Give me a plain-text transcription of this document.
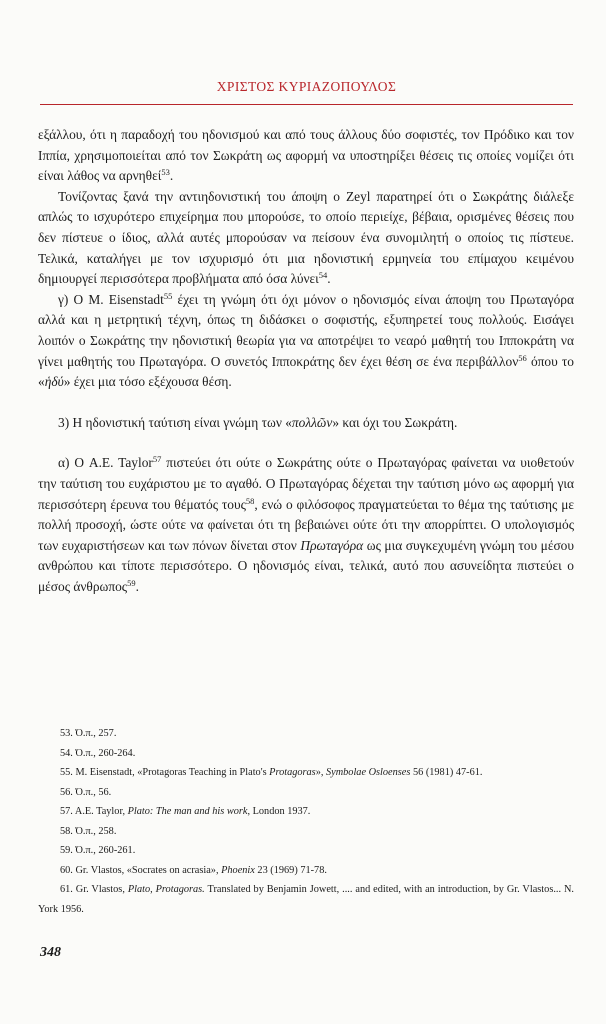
ΧΡΙΣΤΟΣ ΚΥΡΙΑΖΟΠΟΥΛΟΣ

εξάλλου, ότι η παραδοχή του ηδονισμού και από τους άλλους δύο σοφιστές, τον Πρόδικο και τον Ιππία, χρησιμοποιείται από τον Σωκράτη ως αφορμή να υποστηρίξει θέσεις τις οποίες νομίζει ότι είναι λάθος να αρνηθεί$^{53}$.

Τονίζοντας ξανά την αντιηδονιστική του άποψη ο Zeyl παρατηρεί ότι ο Σωκράτης διάλεξε απλώς το ισχυρότερο επιχείρημα που μπορούσε, το οποίο περιείχε, βέβαια, ορισμένες θέσεις που δεν πίστευε ο ίδιος, αλλά αυτές μπορούσαν να πείσουν ένα συνομιλητή ο οποίος τις πίστευε. Τελικά, καταλήγει με τον ισχυρισμό ότι μια ηδονιστική ερμηνεία του επίμαχου κειμένου δημιουργεί περισσότερα προβλήματα από όσα λύνει$^{54}$.

γ) Ο Μ. Eisenstadt$^{55}$ έχει τη γνώμη ότι όχι μόνον ο ηδονισμός είναι άποψη του Πρωταγόρα αλλά και η μετρητική τέχνη, όπως τη διδάσκει ο σοφιστής, εξυπηρετεί τους πολλούς. Εισάγει λοιπόν ο Σωκράτης την ηδονιστική θεωρία για να αποτρέψει το νεαρό μαθητή του Ιπποκράτη να γίνει μαθητής του Πρωταγόρα. Ο συνετός Ιπποκράτης δεν έχει θέση σε ένα περιβάλλον$^{56}$ όπου το «ἡδύ» έχει μια τόσο εξέχουσα θέση.

3) Η ηδονιστική ταύτιση είναι γνώμη των «πολλῶν» και όχι του Σωκράτη.

α) Ο A.E. Taylor$^{57}$ πιστεύει ότι ούτε ο Σωκράτης ούτε ο Πρωταγόρας φαίνεται να υιοθετούν την ταύτιση του ευχάριστου με το αγαθό. Ο Πρωταγόρας δέχεται την ταύτιση μόνο ως αφορμή για περισσότερη έρευνα του θέματός τους$^{58}$, ενώ ο φιλόσοφος πραγματεύεται το θέμα της ταύτισης με πολλή προσοχή, ώστε ούτε να φαίνεται ότι τη βεβαιώνει ούτε ότι την απορρίπτει. Ο υπολογισμός των ευχαριστήσεων και των πόνων δίνεται στον Πρωταγόρα ως μια συγκεχυμένη γνώμη του μέσου ανθρώπου και τίποτε περισσότερο. Ο ηδονισμός είναι, τελικά, αυτό που ασυνείδητα πιστεύει ο μέσος άνθρωπος$^{59}$.

53. Ό.π., 257.
54. Ό.π., 260-264.
55. M. Eisenstadt, «Protagoras Teaching in Plato's Protagoras», Symbolae Osloenses 56 (1981) 47-61.
56. Ό.π., 56.
57. A.E. Taylor, Plato: The man and his work, London 1937.
58. Ό.π., 258.
59. Ό.π., 260-261.
60. Gr. Vlastos, «Socrates on acrasia», Phoenix 23 (1969) 71-78.
61. Gr. Vlastos, Plato, Protagoras. Translated by Benjamin Jowett, .... and edited, with an introduction, by Gr. Vlastos... N. York 1956.
348
